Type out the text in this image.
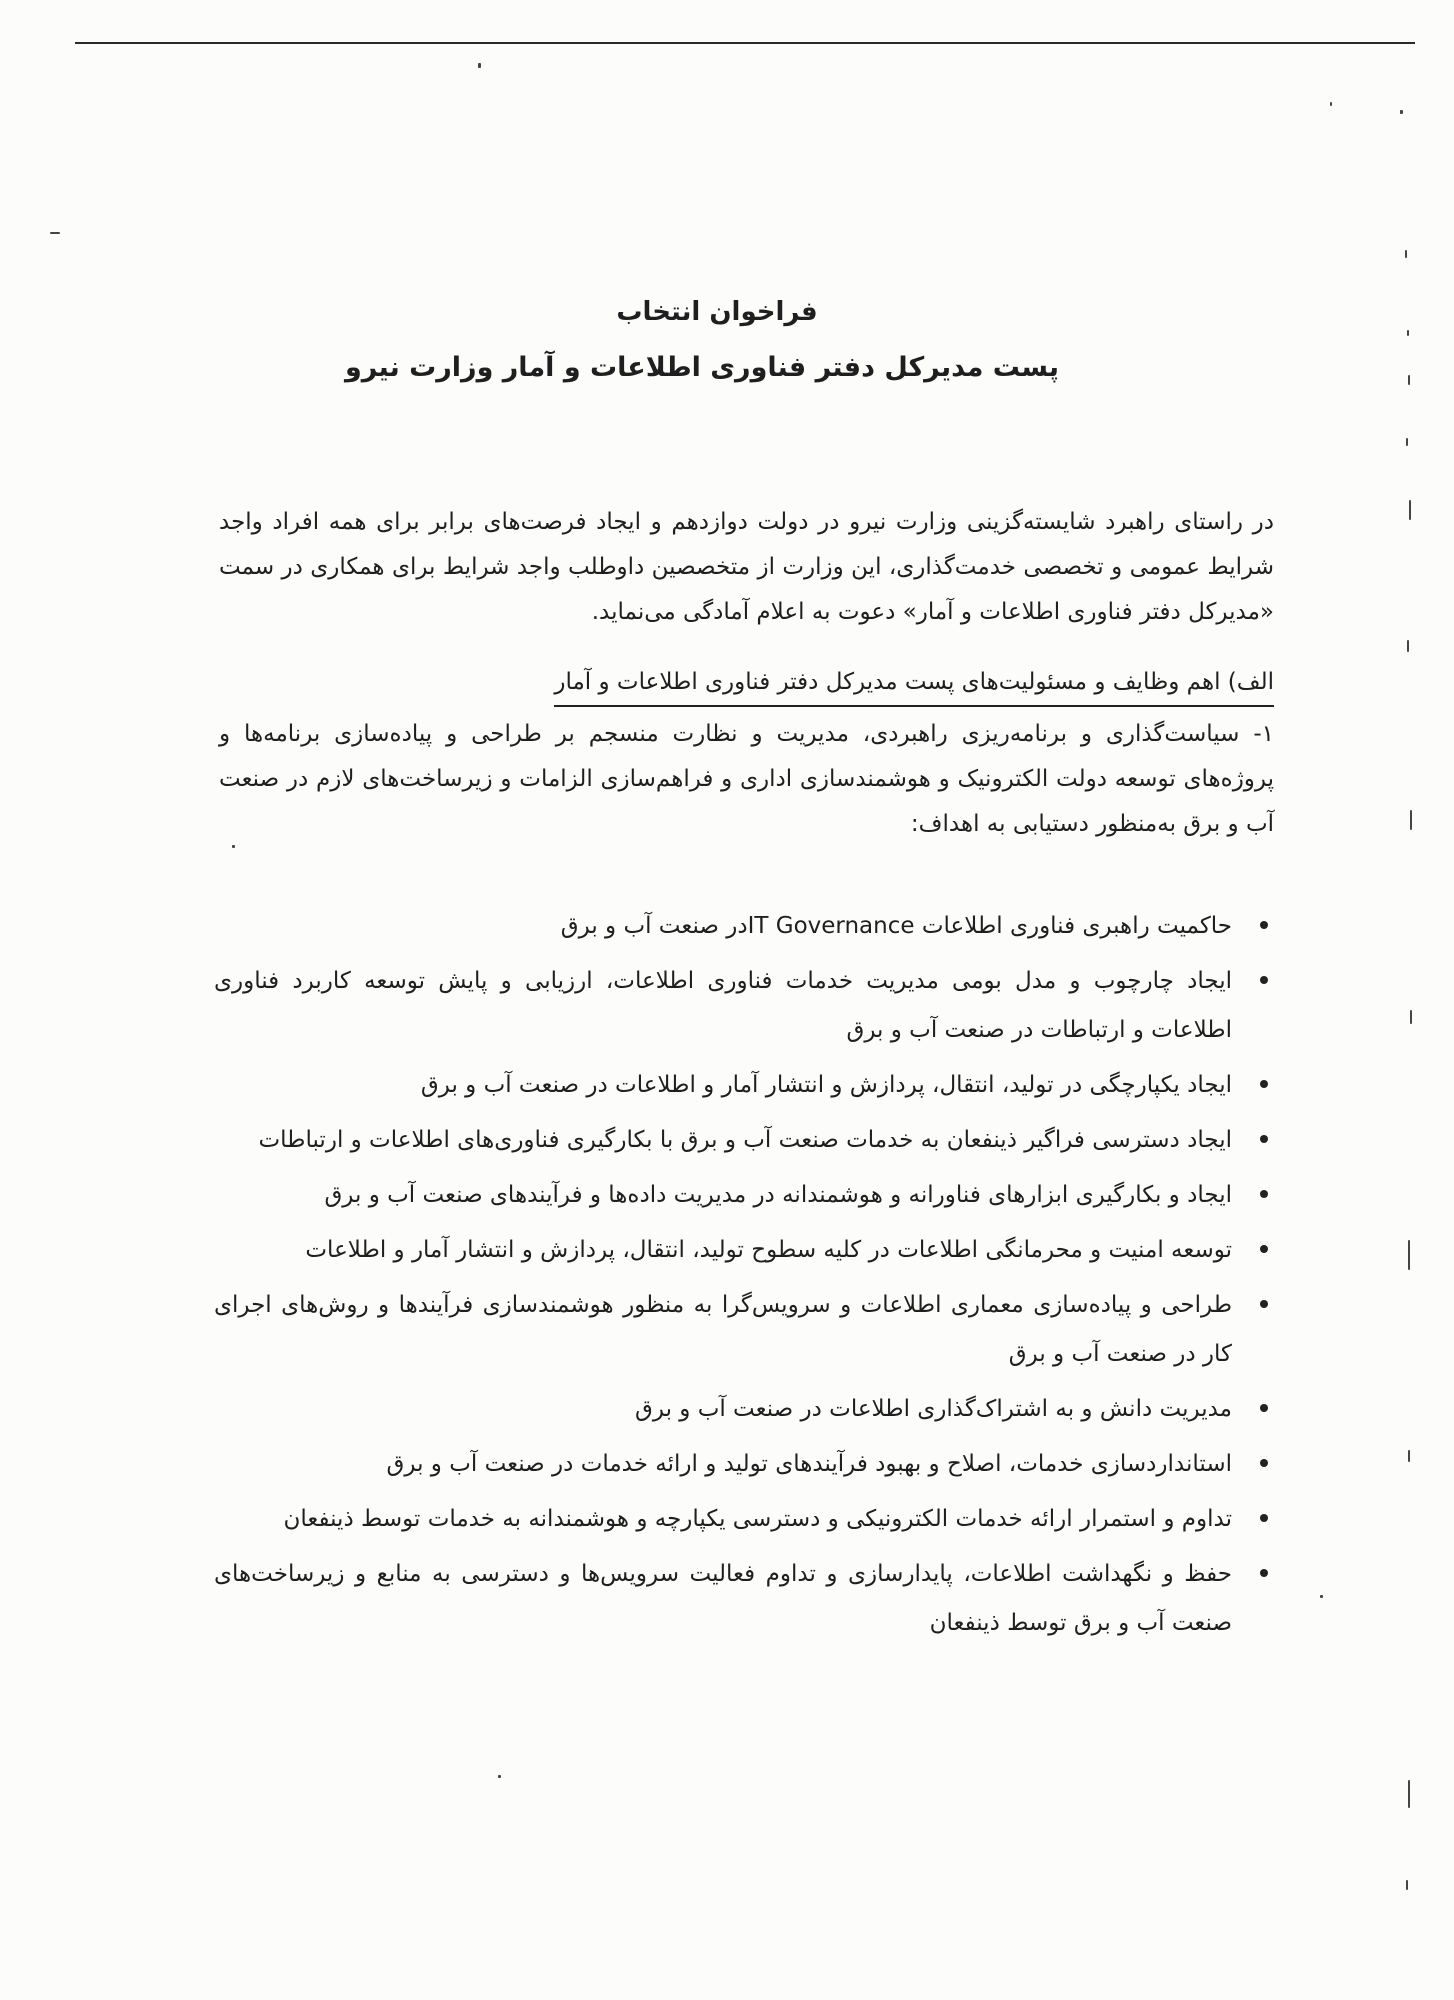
فراخوان انتخاب
پست مدیرکل دفتر فناوری اطلاعات و آمار وزارت نیرو
در راستای راهبرد شایسته‌گزینی وزارت نیرو در دولت دوازدهم و ایجاد فرصت‌های برابر برای همه افراد واجد شرایط عمومی و تخصصی خدمت‌گذاری، این وزارت از متخصصین داوطلب واجد شرایط برای همکاری در سمت «مدیرکل دفتر فناوری اطلاعات و آمار» دعوت به اعلام آمادگی می‌نماید.
الف) اهم وظایف و مسئولیت‌های پست مدیرکل دفتر فناوری اطلاعات و آمار
۱- سیاست‌گذاری و برنامه‌ریزی راهبردی، مدیریت و نظارت منسجم بر طراحی و پیاده‌سازی برنامه‌ها و پروژه‌های توسعه دولت الکترونیک و هوشمندسازی اداری و فراهم‌سازی الزامات و زیرساخت‌های لازم در صنعت آب و برق به‌منظور دستیابی به اهداف:
حاکمیت راهبری فناوری اطلاعات IT Governanceدر صنعت آب و برق
ایجاد چارچوب و مدل بومی مدیریت خدمات فناوری اطلاعات، ارزیابی و پایش توسعه کاربرد فناوری اطلاعات و ارتباطات در صنعت آب و برق
ایجاد یکپارچگی در تولید، انتقال، پردازش و انتشار آمار و اطلاعات در صنعت آب و برق
ایجاد دسترسی فراگیر ذینفعان به خدمات صنعت آب و برق با بکارگیری فناوری‌های اطلاعات و ارتباطات
ایجاد و بکارگیری ابزارهای فناورانه و هوشمندانه در مدیریت داده‌ها و فرآیندهای صنعت آب و برق
توسعه امنیت و محرمانگی اطلاعات در کلیه سطوح تولید، انتقال، پردازش و انتشار آمار و اطلاعات
طراحی و پیاده‌سازی معماری اطلاعات و سرویس‌گرا به منظور هوشمندسازی فرآیندها و روش‌های اجرای کار در صنعت آب و برق
مدیریت دانش و به اشتراک‌گذاری اطلاعات در صنعت آب و برق
استانداردسازی خدمات، اصلاح و بهبود فرآیندهای تولید و ارائه خدمات در صنعت آب و برق
تداوم و استمرار ارائه خدمات الکترونیکی و دسترسی یکپارچه و هوشمندانه به خدمات توسط ذینفعان
حفظ و نگهداشت اطلاعات، پایدارسازی و تداوم فعالیت سرویس‌ها و دسترسی به منابع و زیرساخت‌های صنعت آب و برق توسط ذینفعان
